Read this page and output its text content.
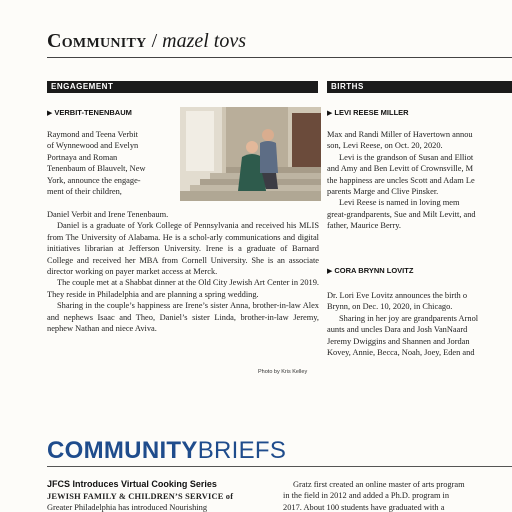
Community / mazel tovs
ENGAGEMENT
▶ VERBIT-TENENBAUM
Raymond and Teena Verbit
of Wynnewood and Evelyn
Portnaya and Roman
Tenenbaum of Blauvelt, New
York, announce the engage-
ment of their children,

Daniel Verbit and Irene Tenenbaum.

Daniel is a graduate of York College of Pennsylvania and received his MLIS from The University of Alabama. He is a schol-arly communications and digital initiatives librarian at Jefferson University. Irene is a graduate of Barnard College and received her MBA from Cornell University. She is an associate director working on payer market access at Merck.

The couple met at a Shabbat dinner at the Old City Jewish Art Center in 2019. They reside in Philadelphia and are planning a spring wedding.

Sharing in the couple’s happiness are Irene’s sister Anna, brother-in-law Alex and nephews Isaac and Theo, Daniel’s sister Linda, brother-in-law Jeremy, nephew Nathan and niece Aviva.

Photo by Kris Kelley
BIRTHS
▶ LEVI REESE MILLER
Max and Randi Miller of Havertown annou
son, Levi Reese, on Oct. 20, 2020.
Levi is the grandson of Susan and Elliot
and Amy and Ben Levitt of Crownsville, M
the happiness are uncles Scott and Adam Le
parents Marge and Clive Pinsker.
Levi Reese is named in loving mem
great-grandparents, Sue and Milt Levitt, and
father, Maurice Berry.
▶ CORA BRYNN LOVITZ
Dr. Lori Eve Lovitz announces the birth o
Brynn, on Dec. 10, 2020, in Chicago.
Sharing in her joy are grandparents Arnol
aunts and uncles Dara and Josh VanNaard
Jeremy Dwiggins and Shannen and Jordan
Kovey, Annie, Becca, Noah, Joey, Eden and
COMMUNITYBRIEFS
JFCS Introduces Virtual Cooking Series
JEWISH FAMILY & CHILDREN’S SERVICE of
Greater Philadelphia has introduced Nourishing
Gratz first created an online master of arts program
in the field in 2012 and added a Ph.D. program in
2017. About 100 students have graduated with a
